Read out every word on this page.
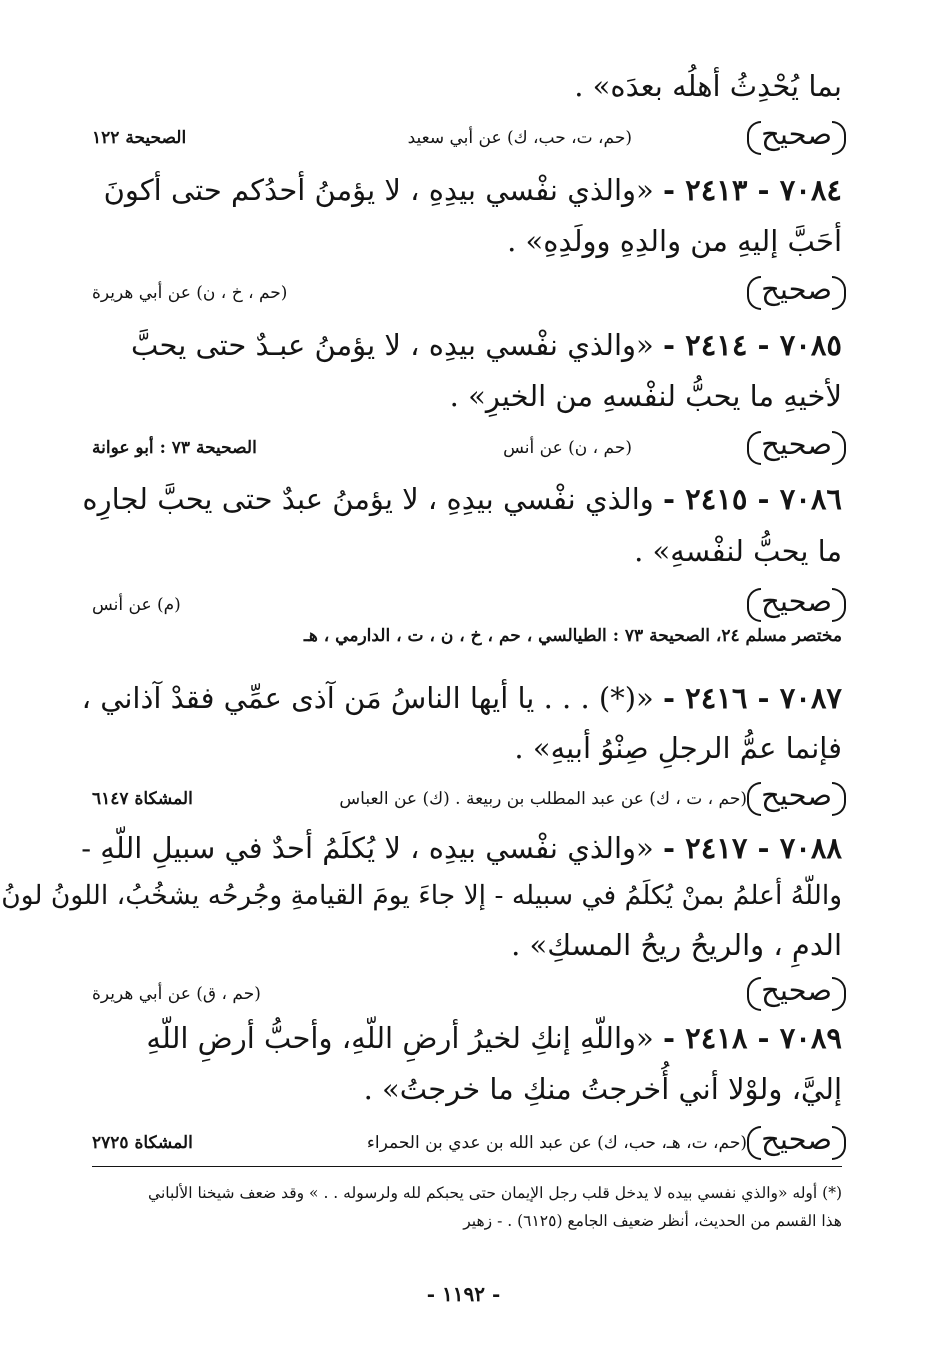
بما يُحْدِثُ أهلُه بعدَه» .
صحيح
(حم، ت، حب، ك) عن أبي سعيد
الصحيحة ١٢٢
٧٠٨٤ - ٢٤١٣ - «والذي نفْسي بيدِهِ ، لا يؤمنُ أحدُكم حتى أكونَ
أحَبَّ إليهِ من والدِهِ وولَدِهِ» .
صحيح
(حم ، خ ، ن) عن أبي هريرة
٧٠٨٥ - ٢٤١٤ - «والذي نفْسي بيدِه ، لا يؤمنُ عبـدٌ حتى يحبَّ
لأخيهِ ما يحبُّ لنفْسهِ من الخيرِ» .
صحيح
(حم ، ن) عن أنس
الصحيحة ٧٣ : أبو عوانة
٧٠٨٦ - ٢٤١٥ - والذي نفْسي بيدِهِ ، لا يؤمنُ عبدٌ حتى يحبَّ لجارِه
ما يحبُّ لنفْسهِ» .
صحيح
(م) عن أنس
مختصر مسلم ٢٤، الصحيحة ٧٣ : الطيالسي ، حم ، خ ، ن ، ت ، الدارمي ، هـ
٧٠٨٧ - ٢٤١٦ - «(*) . . . يا أيها الناسُ مَن آذى عمِّي فقدْ آذاني ،
فإنما عمُّ الرجلِ صِنْوُ أبيهِ» .
صحيح
(حم ، ت ، ك) عن عبد المطلب بن ربيعة . (ك) عن العباس
المشكاة ٦١٤٧
٧٠٨٨ - ٢٤١٧ - «والذي نفْسي بيدِه ، لا يُكلَمُ أحدٌ في سبيلِ اللّهِ -
واللّهُ أعلمُ بمنْ يُكلَمُ في سبيله - إلا جاءَ يومَ القيامةِ وجُرحُه يشخُبُ، اللونُ لونُ
الدمِ ، والريحُ ريحُ المسكِ» .
صحيح
(حم ، ق) عن أبي هريرة
٧٠٨٩ - ٢٤١٨ - «واللّهِ إنكِ لخيرُ أرضِ اللّهِ، وأحبُّ أرضِ اللّهِ
إليَّ، ولوْلا أني أُخرجتُ منكِ ما خرجتُ» .
صحيح
(حم، ت، هـ، حب، ك) عن عبد الله بن عدي بن الحمراء
المشكاة ٢٧٢٥
(*) أوله «والذي نفسي بيده لا يدخل قلب رجل الإيمان حتى يحبكم لله ولرسوله . . » وقد ضعف شيخنا الألباني
هذا القسم من الحديث، أنظر ضعيف الجامع (٦١٢٥) . - زهير
- ١١٩٢ -
